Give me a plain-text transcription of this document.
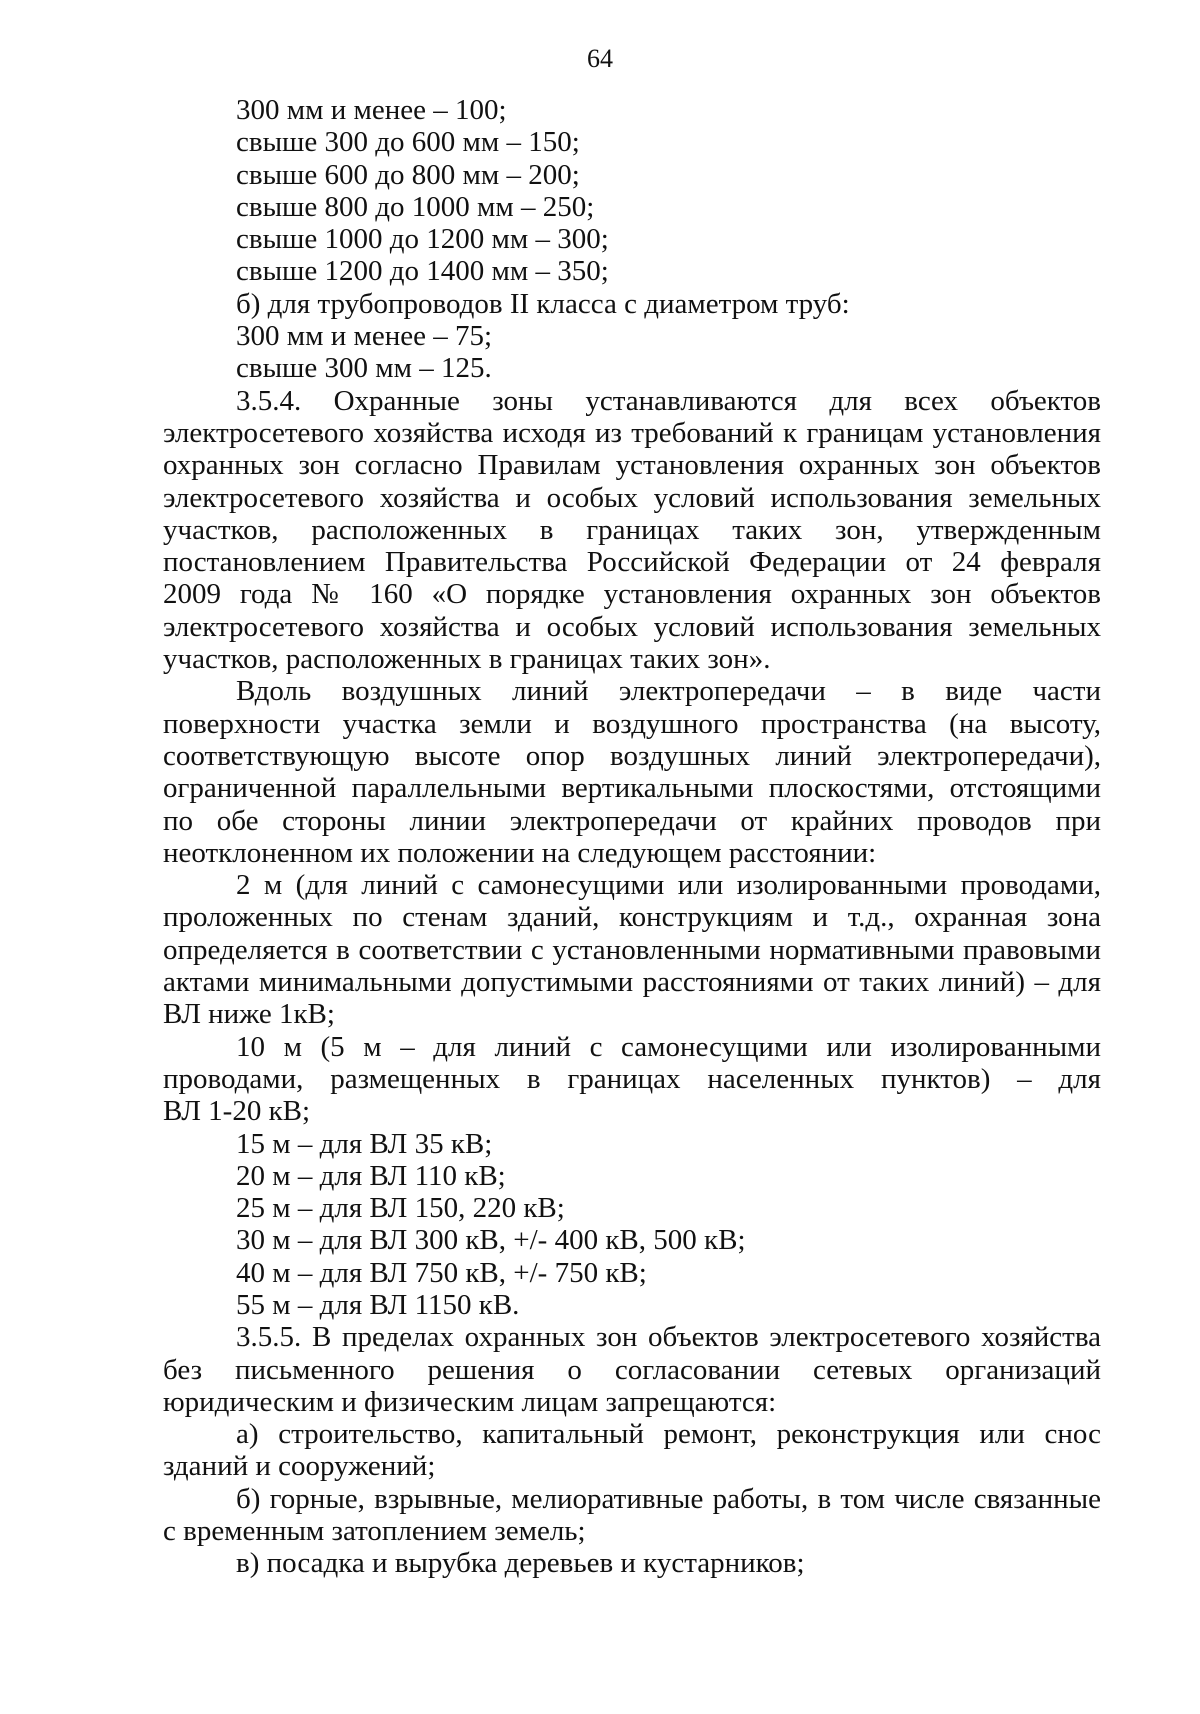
64
300 мм и менее – 100;
свыше 300 до 600 мм – 150;
свыше 600 до 800 мм – 200;
свыше 800 до 1000 мм – 250;
свыше 1000 до 1200 мм – 300;
свыше 1200 до 1400 мм – 350;
б) для трубопроводов II класса с диаметром труб:
300 мм и менее – 75;
свыше 300 мм – 125.
3.5.4. Охранные зоны устанавливаются для всех объектов
электросетевого хозяйства исходя из требований к границам установления
охранных зон согласно Правилам установления охранных зон объектов
электросетевого хозяйства и особых условий использования земельных
участков, расположенных в границах таких зон, утвержденным
постановлением Правительства Российской Федерации от 24 февраля
2009 года № 160 «О порядке установления охранных зон объектов
электросетевого хозяйства и особых условий использования земельных
участков, расположенных в границах таких зон».
Вдоль воздушных линий электропередачи – в виде части
поверхности участка земли и воздушного пространства (на высоту,
соответствующую высоте опор воздушных линий электропередачи),
ограниченной параллельными вертикальными плоскостями, отстоящими
по обе стороны линии электропередачи от крайних проводов при
неотклоненном их положении на следующем расстоянии:
2 м (для линий с самонесущими или изолированными проводами,
проложенных по стенам зданий, конструкциям и т.д., охранная зона
определяется в соответствии с установленными нормативными правовыми
актами минимальными допустимыми расстояниями от таких линий) – для
ВЛ ниже 1кВ;
10 м (5 м – для линий с самонесущими или изолированными
проводами, размещенных в границах населенных пунктов) – для
ВЛ 1-20 кВ;
15 м – для ВЛ 35 кВ;
20 м – для ВЛ 110 кВ;
25 м – для ВЛ 150, 220 кВ;
30 м – для ВЛ 300 кВ, +/- 400 кВ, 500 кВ;
40 м – для ВЛ 750 кВ, +/- 750 кВ;
55 м – для ВЛ 1150 кВ.
3.5.5. В пределах охранных зон объектов электросетевого хозяйства
без письменного решения о согласовании сетевых организаций
юридическим и физическим лицам запрещаются:
а) строительство, капитальный ремонт, реконструкция или снос
зданий и сооружений;
б) горные, взрывные, мелиоративные работы, в том числе связанные
с временным затоплением земель;
в) посадка и вырубка деревьев и кустарников;
